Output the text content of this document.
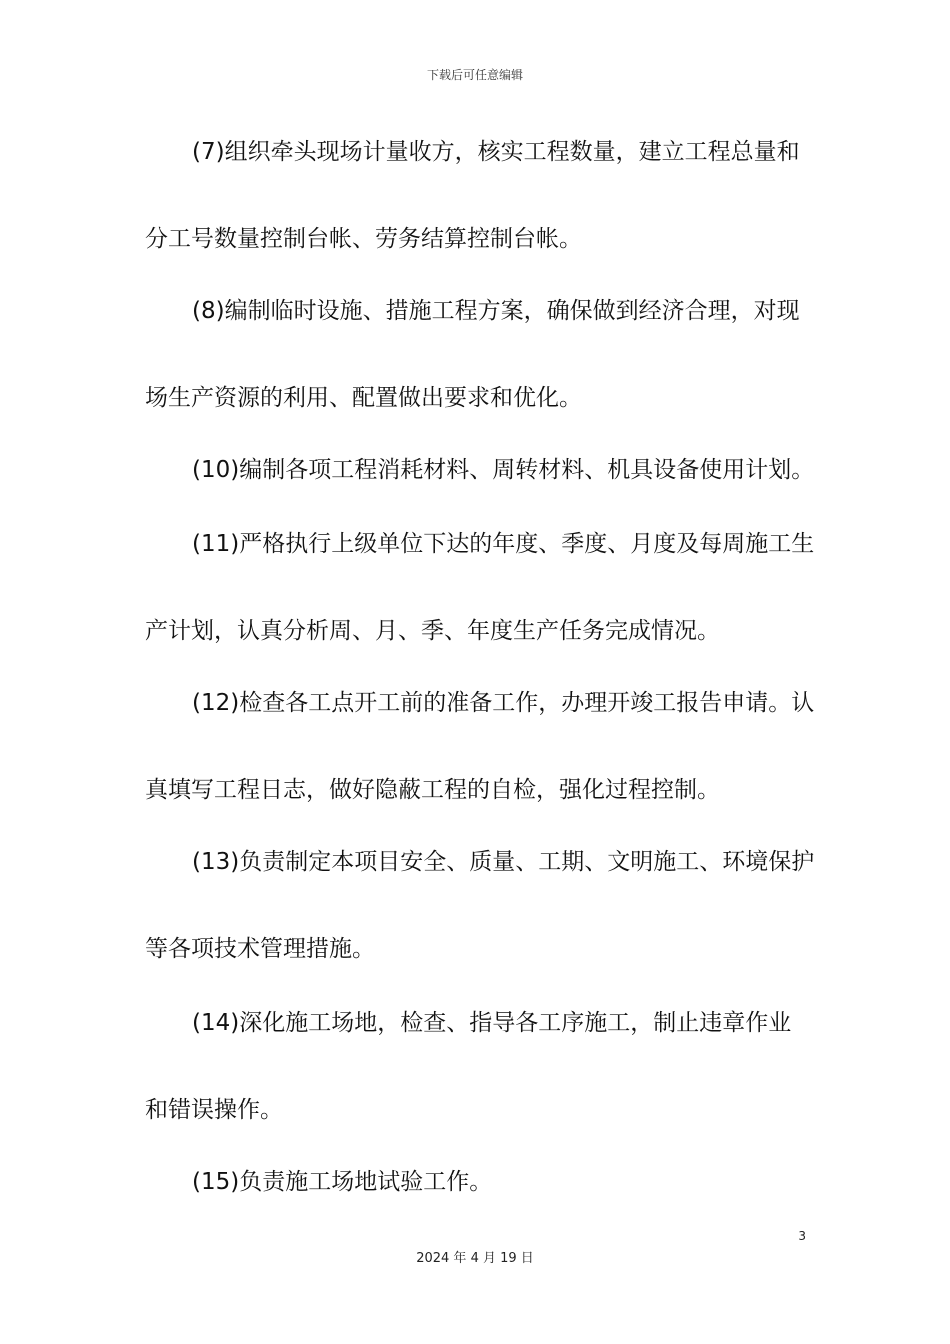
下载后可任意编辑
(7)组织牵头现场计量收方，核实工程数量，建立工程总量和
分工号数量控制台帐、劳务结算控制台帐。
(8)编制临时设施、措施工程方案，确保做到经济合理，对现
场生产资源的利用、配置做出要求和优化。
(10)编制各项工程消耗材料、周转材料、机具设备使用计划。
(11)严格执行上级单位下达的年度、季度、月度及每周施工生
产计划，认真分析周、月、季、年度生产任务完成情况。
(12)检查各工点开工前的准备工作，办理开竣工报告申请。认
真填写工程日志，做好隐蔽工程的自检，强化过程控制。
(13)负责制定本项目安全、质量、工期、文明施工、环境保护
等各项技术管理措施。
(14)深化施工场地，检查、指导各工序施工，制止违章作业
和错误操作。
(15)负责施工场地试验工作。
3
2024 年 4 月 19 日
